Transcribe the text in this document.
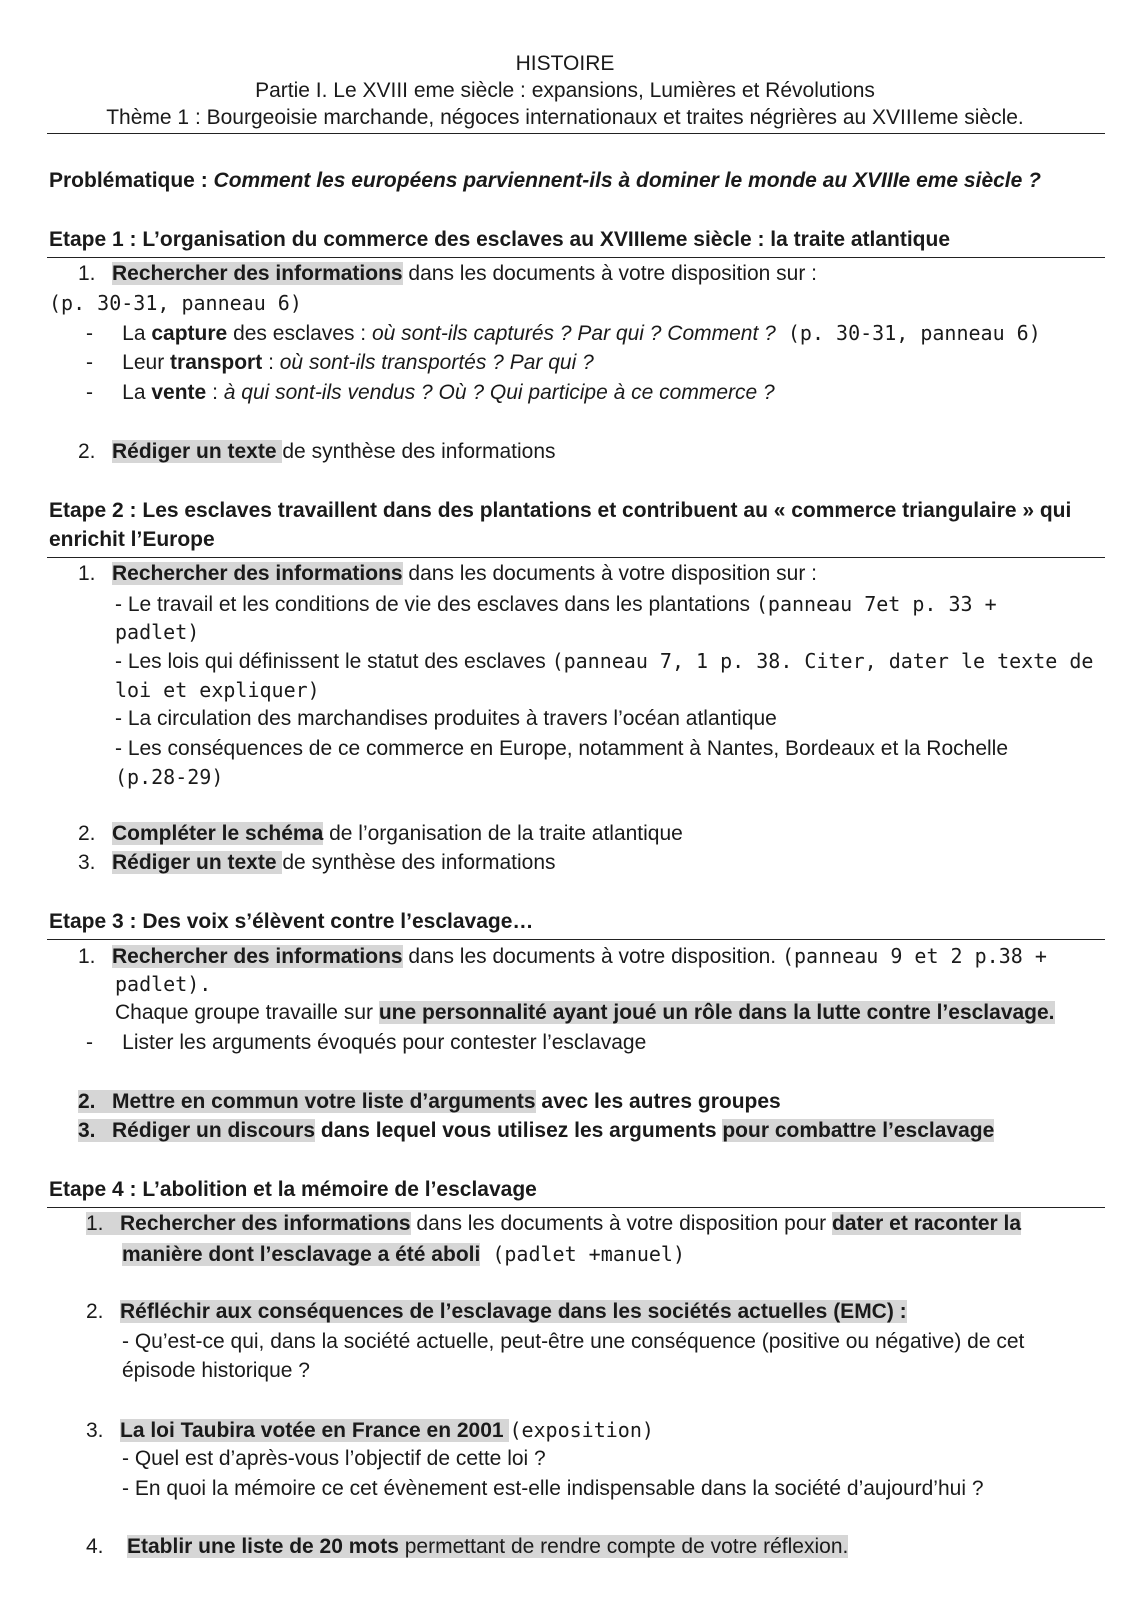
HISTOIRE
Partie I. Le XVIII eme siècle : expansions, Lumières et Révolutions
Thème 1 : Bourgeoisie marchande, négoces internationaux et traites négrières au XVIIIeme siècle.
Problématique : Comment les européens parviennent-ils à dominer le monde au XVIIIe eme siècle ?
Etape 1 : L’organisation du commerce des esclaves au XVIIIeme siècle : la traite atlantique
1. Rechercher des informations dans les documents à votre disposition sur :
(p. 30-31, panneau 6)
-     La capture des esclaves : où sont-ils capturés ? Par qui ? Comment ? (p. 30-31, panneau 6)
-     Leur transport : où sont-ils transportés ? Par qui ?
-     La vente : à qui sont-ils vendus ? Où ? Qui participe à ce commerce ?
2. Rédiger un texte de synthèse des informations
Etape 2 : Les esclaves travaillent dans des plantations et contribuent au « commerce triangulaire » qui
enrichit l’Europe
1. Rechercher des informations dans les documents à votre disposition sur :
- Le travail et les conditions de vie des esclaves dans les plantations (panneau 7et p. 33 +
padlet)
- Les lois qui définissent le statut des esclaves (panneau 7, 1 p. 38. Citer, dater le texte de
loi et expliquer)
- La circulation des marchandises produites à travers l’océan atlantique
- Les conséquences de ce commerce en Europe, notamment à Nantes, Bordeaux et la Rochelle
(p.28-29)
2. Compléter le schéma de l’organisation de la traite atlantique
3. Rédiger un texte de synthèse des informations
Etape 3 : Des voix s’élèvent contre l’esclavage…
1. Rechercher des informations dans les documents à votre disposition. (panneau 9 et 2 p.38 +
padlet).
Chaque groupe travaille sur une personnalité ayant joué un rôle dans la lutte contre l’esclavage.
-     Lister les arguments évoqués pour contester l’esclavage
2. Mettre en commun votre liste d’arguments avec les autres groupes
3. Rédiger un discours dans lequel vous utilisez les arguments pour combattre l’esclavage
Etape 4 : L’abolition et la mémoire de l’esclavage
1. Rechercher des informations dans les documents à votre disposition pour dater et raconter la
manière dont l’esclavage a été aboli (padlet +manuel)
2. Réfléchir aux conséquences de l’esclavage dans les sociétés actuelles (EMC) :
- Qu’est-ce qui, dans la société actuelle, peut-être une conséquence (positive ou négative) de cet
épisode historique ?
3. La loi Taubira votée en France en 2001 (exposition)
- Quel est d’après-vous l’objectif de cette loi ?
- En quoi la mémoire ce cet évènement est-elle indispensable dans la société d’aujourd’hui ?
4. Etablir une liste de 20 mots permettant de rendre compte de votre réflexion.
